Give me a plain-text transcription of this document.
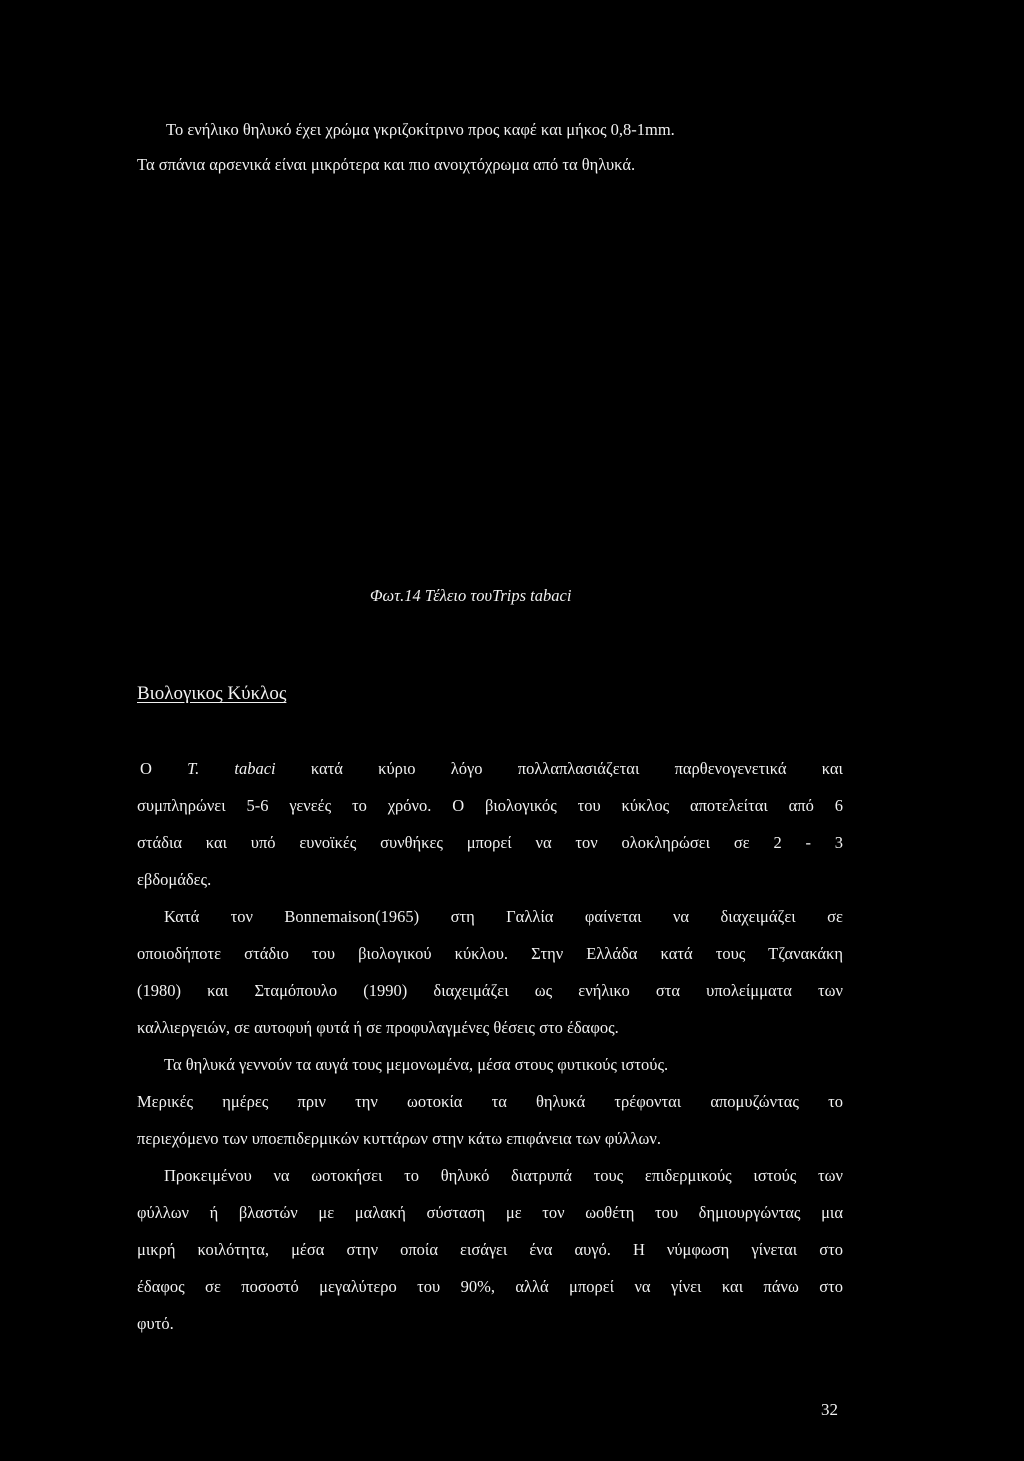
Το ενήλικο θηλυκό έχει χρώμα γκριζοκίτρινο προς καφέ και μήκος 0,8-1mm.
Τα σπάνια αρσενικά είναι μικρότερα και πιο ανοιχτόχρωμα από τα θηλυκά.
Φωτ.14 Τέλειο τουTrips tabaci
Βιολογικος Κύκλος
Ο T. tabaci κατά κύριο λόγο πολλαπλασιάζεται παρθενογενετικά και
συμπληρώνει 5-6 γενεές το χρόνο. Ο βιολογικός του κύκλος αποτελείται από 6
στάδια και υπό ευνοϊκές συνθήκες μπορεί να τον ολοκληρώσει σε 2 - 3
εβδομάδες.
Κατά τον Bonnemaison(1965) στη Γαλλία φαίνεται να διαχειμάζει σε
οποιοδήποτε στάδιο του βιολογικού κύκλου. Στην Ελλάδα κατά τους Τζανακάκη
(1980) και Σταμόπουλο (1990) διαχειμάζει ως ενήλικο στα υπολείμματα των
καλλιεργειών, σε αυτοφυή φυτά ή σε προφυλαγμένες θέσεις στο έδαφος.
Τα θηλυκά γεννούν τα αυγά τους μεμονωμένα, μέσα στους φυτικούς ιστούς.
Μερικές ημέρες πριν την ωοτοκία τα θηλυκά τρέφονται απομυζώντας το
περιεχόμενο των υποεπιδερμικών κυττάρων στην κάτω επιφάνεια των φύλλων.
Προκειμένου να ωοτοκήσει το θηλυκό διατρυπά τους επιδερμικούς ιστούς των
φύλλων ή βλαστών με μαλακή σύσταση με τον ωοθέτη του δημιουργώντας μια
μικρή κοιλότητα, μέσα στην οποία εισάγει ένα αυγό. Η νύμφωση γίνεται στο
έδαφος σε ποσοστό μεγαλύτερο του 90%, αλλά μπορεί να γίνει και πάνω στο
φυτό.
32
